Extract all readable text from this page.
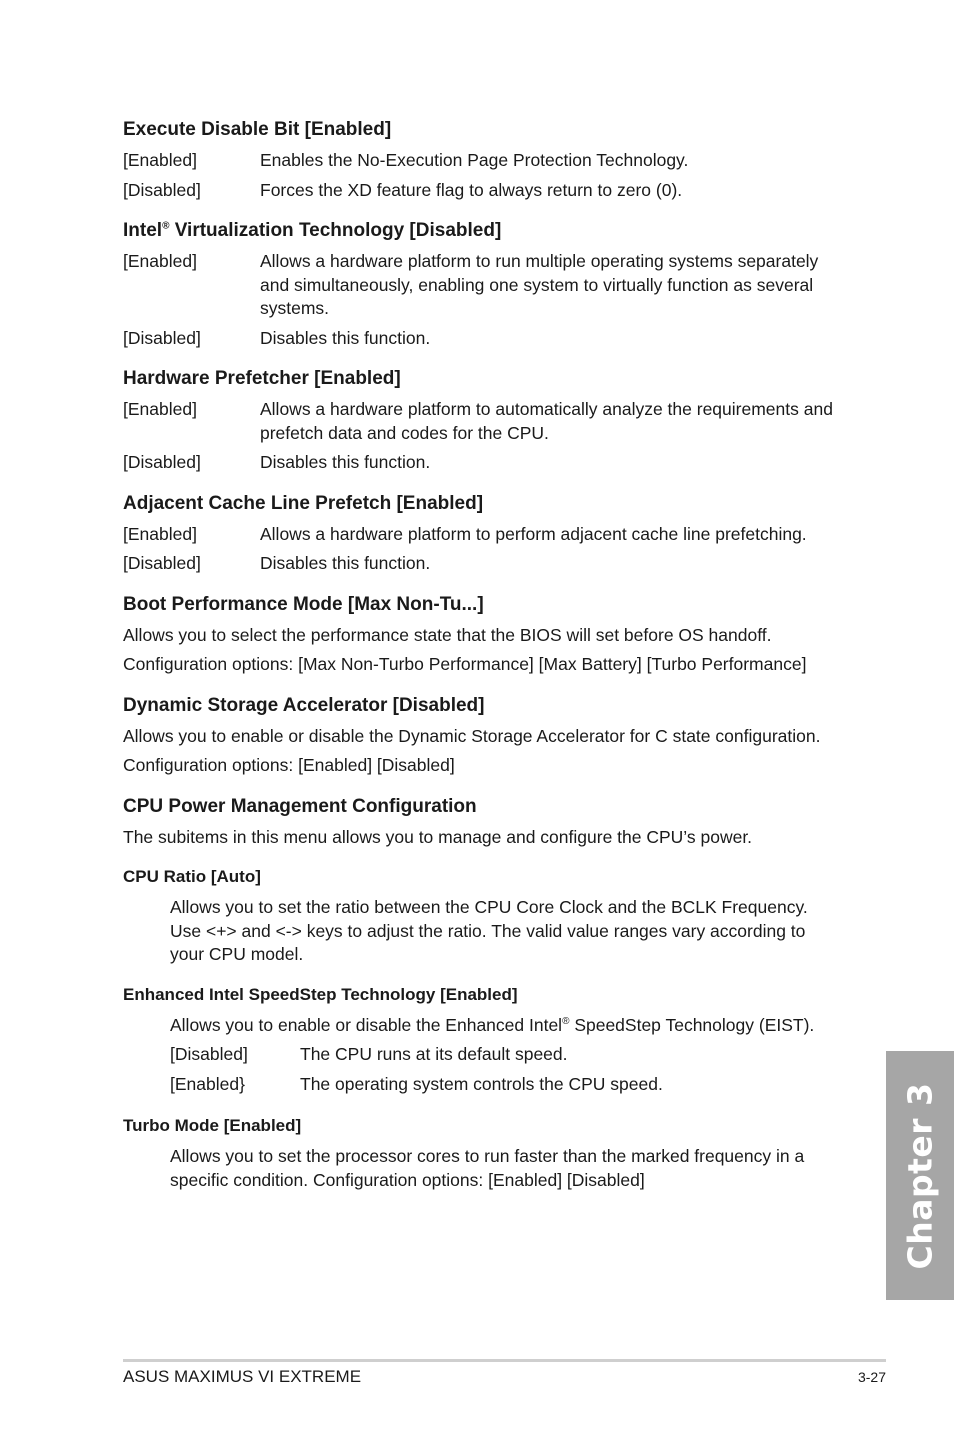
Execute Disable Bit [Enabled]
[Enabled]	Enables the No-Execution Page Protection Technology.
[Disabled]	Forces the XD feature flag to always return to zero (0).
Intel® Virtualization Technology [Disabled]
[Enabled]	Allows a hardware platform to run multiple operating systems separately and simultaneously, enabling one system to virtually function as several systems.
[Disabled]	Disables this function.
Hardware Prefetcher [Enabled]
[Enabled]	Allows a hardware platform to automatically analyze the requirements and prefetch data and codes for the CPU.
[Disabled]	Disables this function.
Adjacent Cache Line Prefetch [Enabled]
[Enabled]	Allows a hardware platform to perform adjacent cache line prefetching.
[Disabled]	Disables this function.
Boot Performance Mode [Max Non-Tu...]
Allows you to select the performance state that the BIOS will set before OS handoff.
Configuration options: [Max Non-Turbo Performance] [Max Battery] [Turbo Performance]
Dynamic Storage Accelerator [Disabled]
Allows you to enable or disable the Dynamic Storage Accelerator for C state configuration.
Configuration options: [Enabled] [Disabled]
CPU Power Management Configuration
The subitems in this menu allows you to manage and configure the CPU’s power.
CPU Ratio [Auto]
Allows you to set the ratio between the CPU Core Clock and the BCLK Frequency. Use <+> and <-> keys to adjust the ratio. The valid value ranges vary according to your CPU model.
Enhanced Intel SpeedStep Technology [Enabled]
Allows you to enable or disable the Enhanced Intel® SpeedStep Technology (EIST).
[Disabled]	The CPU runs at its default speed.
[Enabled}	The operating system controls the CPU speed.
Turbo Mode [Enabled]
Allows you to set the processor cores to run faster than the marked frequency in a specific condition. Configuration options: [Enabled] [Disabled]	Chapter 3
ASUS MAXIMUS VI EXTREME	3-27
